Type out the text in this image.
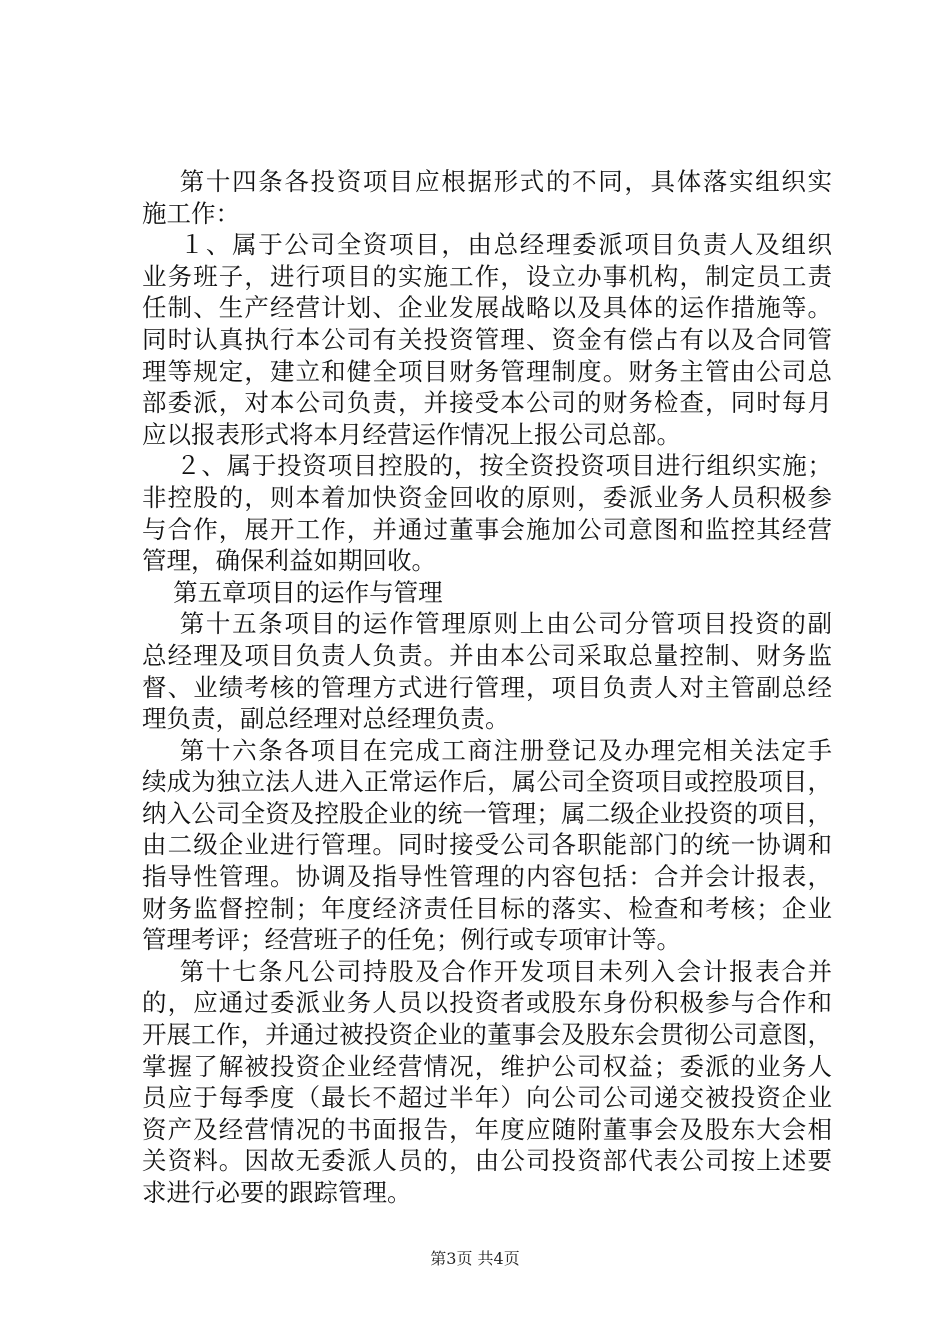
第十四条各投资项目应根据形式的不同，具体落实组织实
施工作：
１、属于公司全资项目，由总经理委派项目负责人及组织
业务班子，进行项目的实施工作，设立办事机构，制定员工责
任制、生产经营计划、企业发展战略以及具体的运作措施等。
同时认真执行本公司有关投资管理、资金有偿占有以及合同管
理等规定，建立和健全项目财务管理制度。财务主管由公司总
部委派，对本公司负责，并接受本公司的财务检查，同时每月
应以报表形式将本月经营运作情况上报公司总部。
２、属于投资项目控股的，按全资投资项目进行组织实施；
非控股的，则本着加快资金回收的原则，委派业务人员积极参
与合作，展开工作，并通过董事会施加公司意图和监控其经营
管理，确保利益如期回收。
第五章项目的运作与管理
第十五条项目的运作管理原则上由公司分管项目投资的副
总经理及项目负责人负责。并由本公司采取总量控制、财务监
督、业绩考核的管理方式进行管理，项目负责人对主管副总经
理负责，副总经理对总经理负责。
第十六条各项目在完成工商注册登记及办理完相关法定手
续成为独立法人进入正常运作后，属公司全资项目或控股项目，
纳入公司全资及控股企业的统一管理；属二级企业投资的项目，
由二级企业进行管理。同时接受公司各职能部门的统一协调和
指导性管理。协调及指导性管理的内容包括：合并会计报表，
财务监督控制；年度经济责任目标的落实、检查和考核；企业
管理考评；经营班子的任免；例行或专项审计等。
第十七条凡公司持股及合作开发项目未列入会计报表合并
的，应通过委派业务人员以投资者或股东身份积极参与合作和
开展工作，并通过被投资企业的董事会及股东会贯彻公司意图，
掌握了解被投资企业经营情况，维护公司权益；委派的业务人
员应于每季度（最长不超过半年）向公司公司递交被投资企业
资产及经营情况的书面报告，年度应随附董事会及股东大会相
关资料。因故无委派人员的，由公司投资部代表公司按上述要
求进行必要的跟踪管理。
第3页 共4页
